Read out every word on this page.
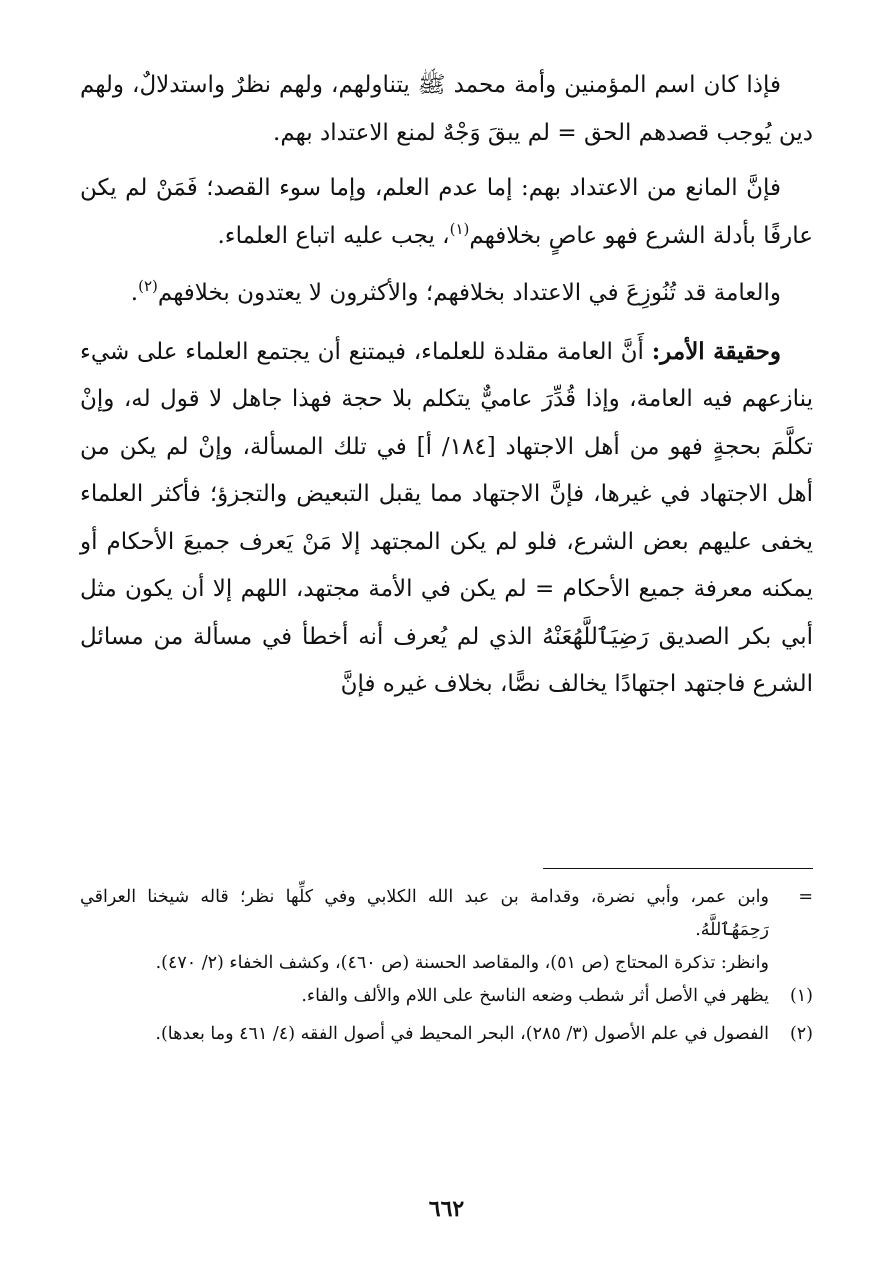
فإذا كان اسم المؤمنين وأمة محمد ﷺ يتناولهم، ولهم نظرٌ واستدلالٌ، ولهم دين يُوجب قصدهم الحق = لم يبقَ وَجْهٌ لمنع الاعتداد بهم.

فإنَّ المانع من الاعتداد بهم: إما عدم العلم، وإما سوء القصد؛ فَمَنْ لم يكن عارفًا بأدلة الشرع فهو عاصٍ بخلافهم$^{(١)}$، يجب عليه اتباع العلماء.

والعامة قد تُنُوزِعَ في الاعتداد بخلافهم؛ والأكثرون لا يعتدون بخلافهم$^{(٢)}$.

وحقيقة الأمر: أَنَّ العامة مقلدة للعلماء، فيمتنع أن يجتمع العلماء على شيء ينازعهم فيه العامة، وإذا قُدِّرَ عاميٌّ يتكلم بلا حجة فهذا جاهل لا قول له، وإنْ تكلَّمَ بحجةٍ فهو من أهل الاجتهاد [١٨٤/ أ] في تلك المسألة، وإنْ لم يكن من أهل الاجتهاد في غيرها، فإنَّ الاجتهاد مما يقبل التبعيض والتجزؤ؛ فأكثر العلماء يخفى عليهم بعض الشرع، فلو لم يكن المجتهد إلا مَنْ يَعرف جميعَ الأحكام أو يمكنه معرفة جميع الأحكام = لم يكن في الأمة مجتهد، اللهم إلا أن يكون مثل أبي بكر الصديق رَضِيَٱللَّهُعَنْهُ الذي لم يُعرف أنه أخطأ في مسألة من مسائل الشرع فاجتهد اجتهادًا يخالف نصًّا، بخلاف غيره فإنَّ

=
وابن عمر، وأبي نضرة، وقدامة بن عبد الله الكلابي وفي كلِّها نظر؛ قاله شيخنا العراقي رَحِمَهُٱللَّهُ.

وانظر: تذكرة المحتاج (ص ٥١)، والمقاصد الحسنة (ص ٤٦٠)، وكشف الخفاء (٢/ ٤٧٠).

(١)
يظهر في الأصل أثر شطب وضعه الناسخ على اللام والألف والفاء.
(٢)
الفصول في علم الأصول (٣/ ٢٨٥)، البحر المحيط في أصول الفقه (٤/ ٤٦١ وما بعدها).
٦٦٢
